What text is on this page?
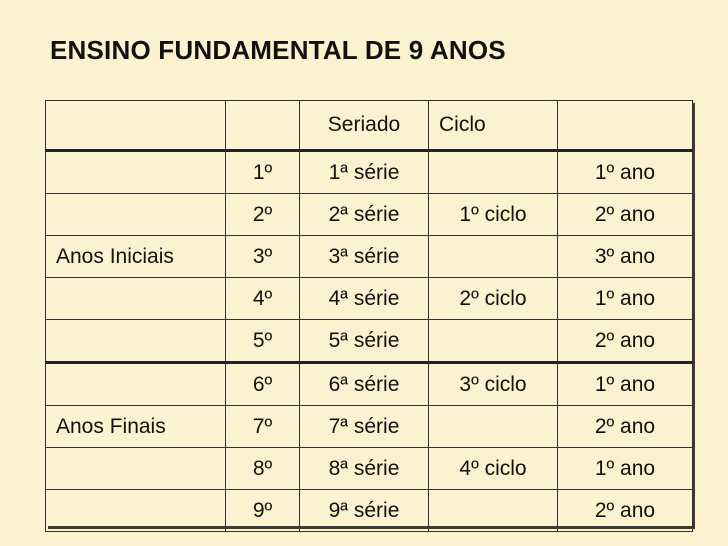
ENSINO FUNDAMENTAL DE 9 ANOS
		Seriado	Ciclo	
	1º	1ª série		1º ano
	2º	2ª série	1º ciclo	2º ano
Anos Iniciais	3º	3ª série		3º ano
	4º	4ª série	2º ciclo	1º ano
	5º	5ª série		2º ano
	6º	6ª série	3º ciclo	1º ano
Anos Finais	7º	7ª série		2º ano
	8º	8ª série	4º ciclo	1º ano
	9º	9ª série		2º ano
